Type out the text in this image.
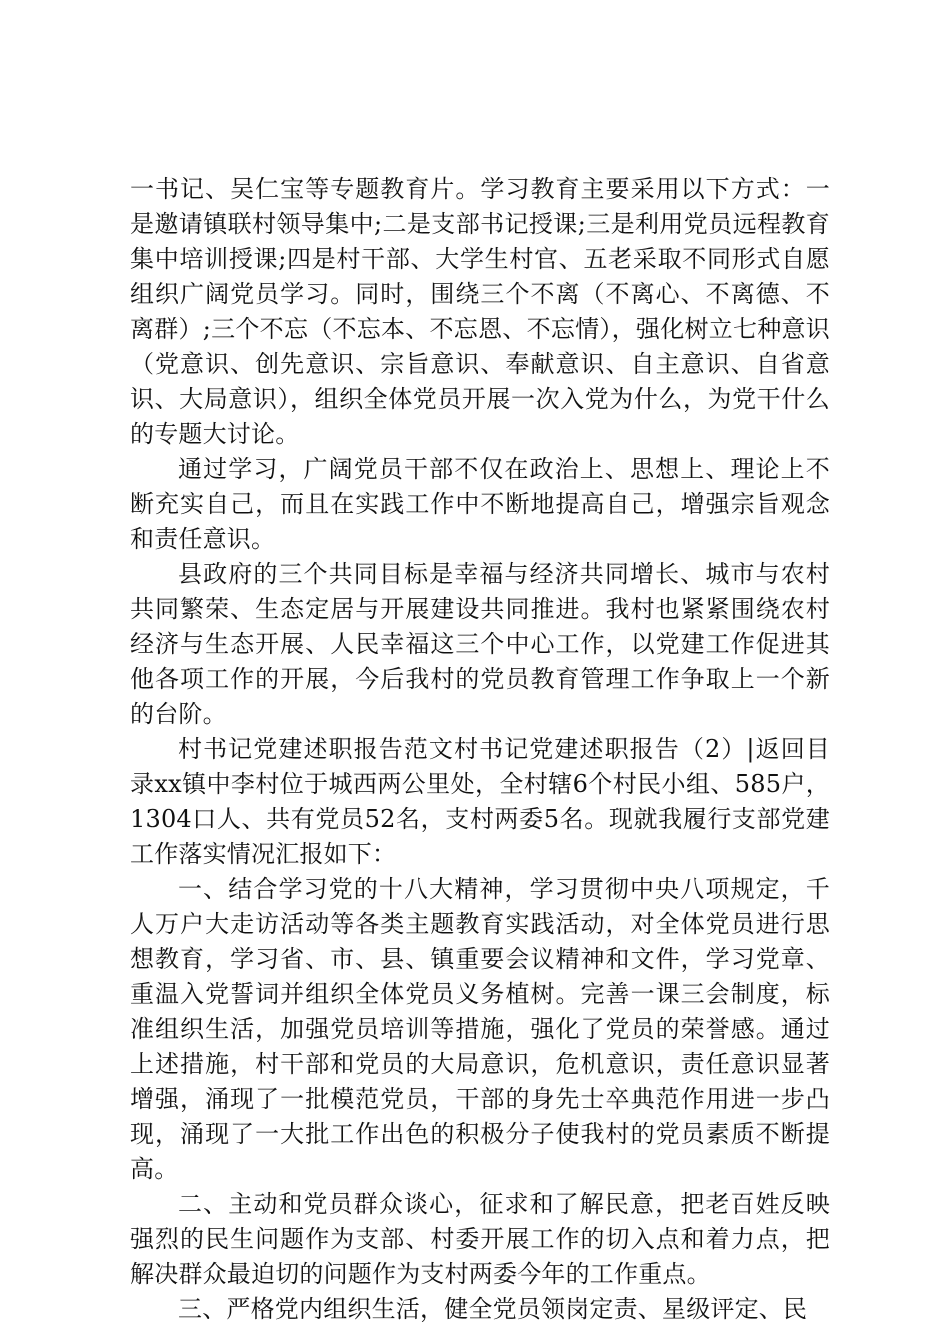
一书记、吴仁宝等专题教育片。学习教育主要采用以下方式：一是邀请镇联村领导集中;二是支部书记授课;三是利用党员远程教育集中培训授课;四是村干部、大学生村官、五老采取不同形式自愿组织广阔党员学习。同时，围绕三个不离（不离心、不离德、不离群）;三个不忘（不忘本、不忘恩、不忘情），强化树立七种意识（党意识、创先意识、宗旨意识、奉献意识、自主意识、自省意识、大局意识），组织全体党员开展一次入党为什么，为党干什么的专题大讨论。

通过学习，广阔党员干部不仅在政治上、思想上、理论上不断充实自己，而且在实践工作中不断地提高自己，增强宗旨观念和责任意识。

县政府的三个共同目标是幸福与经济共同增长、城市与农村共同繁荣、生态定居与开展建设共同推进。我村也紧紧围绕农村经济与生态开展、人民幸福这三个中心工作，以党建工作促进其他各项工作的开展，今后我村的党员教育管理工作争取上一个新的台阶。

村书记党建述职报告范文村书记党建述职报告（2）|返回目录xx镇中李村位于城西两公里处，全村辖6个村民小组、585户，1304口人、共有党员52名，支村两委5名。现就我履行支部党建工作落实情况汇报如下：

一、结合学习党的十八大精神，学习贯彻中央八项规定，千人万户大走访活动等各类主题教育实践活动，对全体党员进行思想教育，学习省、市、县、镇重要会议精神和文件，学习党章、重温入党誓词并组织全体党员义务植树。完善一课三会制度，标准组织生活，加强党员培训等措施，强化了党员的荣誉感。通过上述措施，村干部和党员的大局意识，危机意识，责任意识显著增强，涌现了一批模范党员，干部的身先士卒典范作用进一步凸现，涌现了一大批工作出色的积极分子使我村的党员素质不断提高。

二、主动和党员群众谈心，征求和了解民意，把老百姓反映强烈的民生问题作为支部、村委开展工作的切入点和着力点，把解决群众最迫切的问题作为支村两委今年的工作重点。

三、严格党内组织生活，健全党员领岗定责、星级评定、民
